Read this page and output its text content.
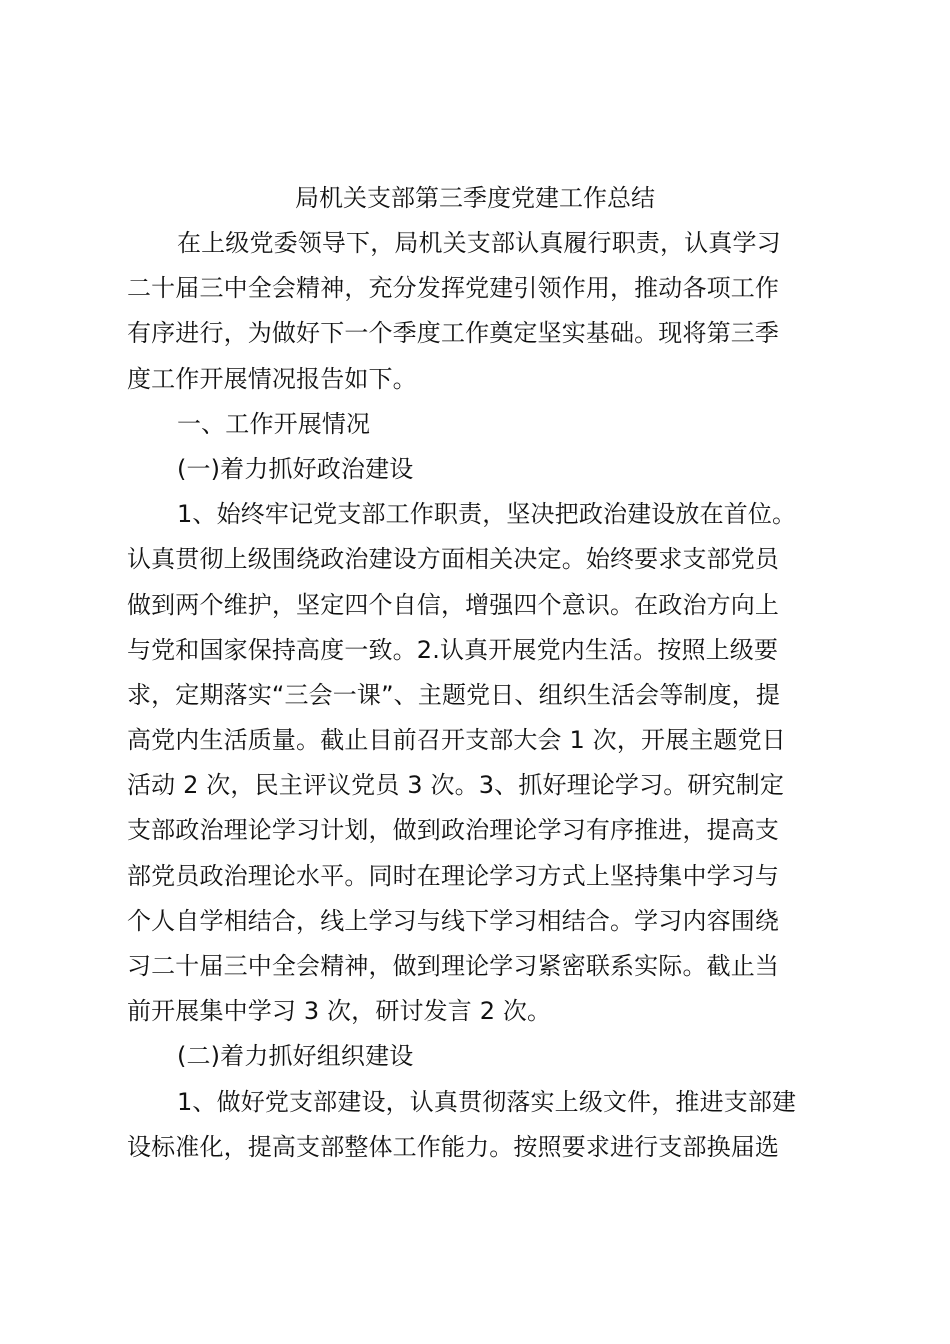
局机关支部第三季度党建工作总结
在上级党委领导下，局机关支部认真履行职责，认真学习
二十届三中全会精神，充分发挥党建引领作用，推动各项工作
有序进行，为做好下一个季度工作奠定坚实基础。现将第三季
度工作开展情况报告如下。
一、工作开展情况
(一)着力抓好政治建设
1、始终牢记党支部工作职责，坚决把政治建设放在首位。
认真贯彻上级围绕政治建设方面相关决定。始终要求支部党员
做到两个维护，坚定四个自信，增强四个意识。在政治方向上
与党和国家保持高度一致。2.认真开展党内生活。按照上级要
求，定期落实“三会一课”、主题党日、组织生活会等制度，提
高党内生活质量。截止目前召开支部大会 1 次，开展主题党日
活动 2 次，民主评议党员 3 次。3、抓好理论学习。研究制定
支部政治理论学习计划，做到政治理论学习有序推进，提高支
部党员政治理论水平。同时在理论学习方式上坚持集中学习与
个人自学相结合，线上学习与线下学习相结合。学习内容围绕
习二十届三中全会精神，做到理论学习紧密联系实际。截止当
前开展集中学习 3 次，研讨发言 2 次。
(二)着力抓好组织建设
1、做好党支部建设，认真贯彻落实上级文件，推进支部建
设标准化，提高支部整体工作能力。按照要求进行支部换届选
